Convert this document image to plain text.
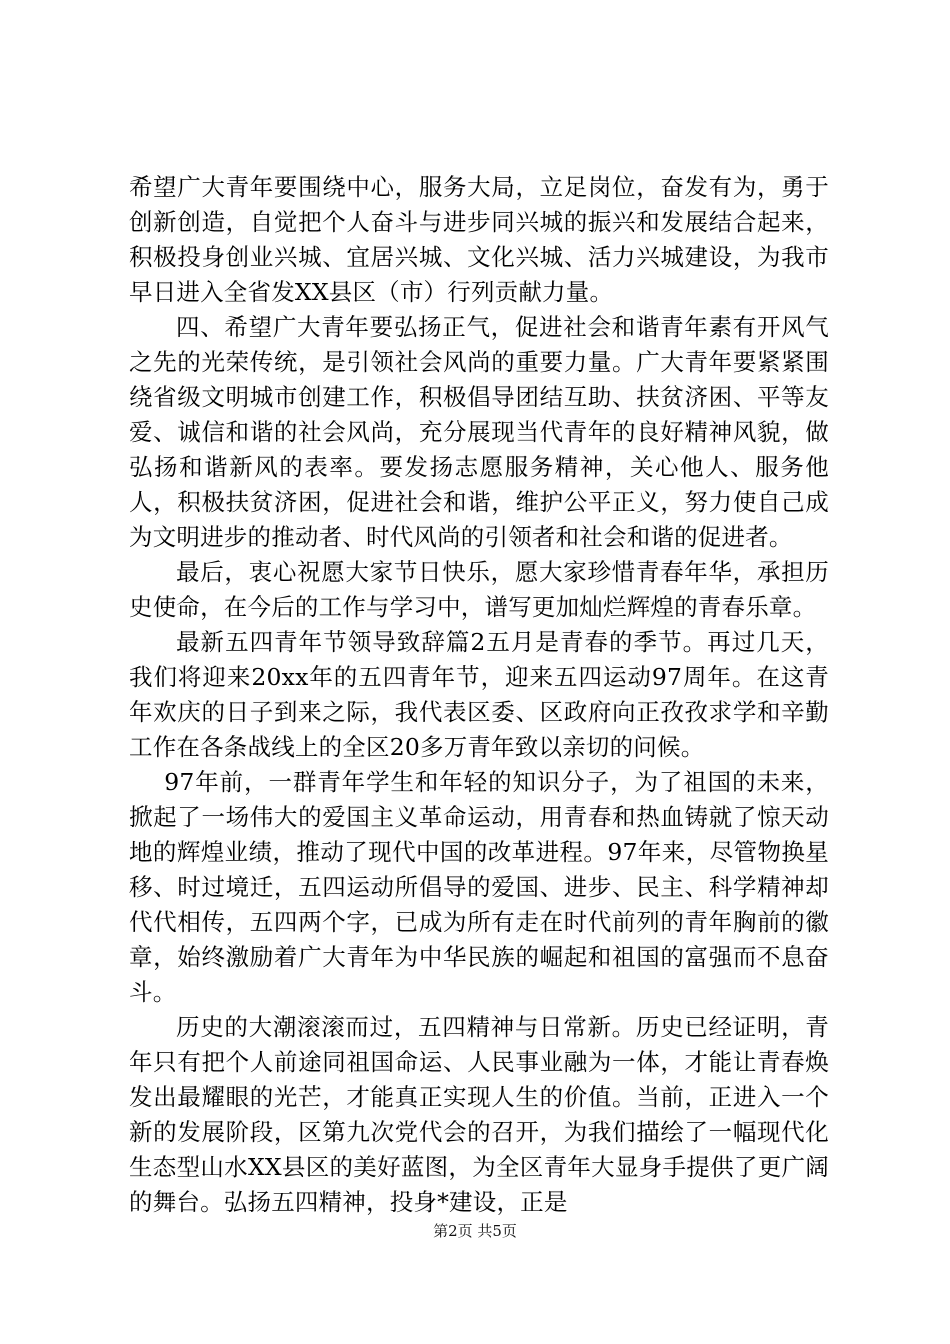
希望广大青年要围绕中心，服务大局，立足岗位，奋发有为，勇于创新创造，自觉把个人奋斗与进步同兴城的振兴和发展结合起来，积极投身创业兴城、宜居兴城、文化兴城、活力兴城建设，为我市早日进入全省发XX县区（市）行列贡献力量。

四、希望广大青年要弘扬正气，促进社会和谐青年素有开风气之先的光荣传统，是引领社会风尚的重要力量。广大青年要紧紧围绕省级文明城市创建工作，积极倡导团结互助、扶贫济困、平等友爱、诚信和谐的社会风尚，充分展现当代青年的良好精神风貌，做弘扬和谐新风的表率。要发扬志愿服务精神，关心他人、服务他人，积极扶贫济困，促进社会和谐，维护公平正义，努力使自己成为文明进步的推动者、时代风尚的引领者和社会和谐的促进者。

最后，衷心祝愿大家节日快乐，愿大家珍惜青春年华，承担历史使命，在今后的工作与学习中，谱写更加灿烂辉煌的青春乐章。

最新五四青年节领导致辞篇2五月是青春的季节。再过几天，我们将迎来20xx年的五四青年节，迎来五四运动97周年。在这青年欢庆的日子到来之际，我代表区委、区政府向正孜孜求学和辛勤工作在各条战线上的全区20多万青年致以亲切的问候。

97年前，一群青年学生和年轻的知识分子，为了祖国的未来，掀起了一场伟大的爱国主义革命运动，用青春和热血铸就了惊天动地的辉煌业绩，推动了现代中国的改革进程。97年来，尽管物换星移、时过境迁，五四运动所倡导的爱国、进步、民主、科学精神却代代相传，五四两个字，已成为所有走在时代前列的青年胸前的徽章，始终激励着广大青年为中华民族的崛起和祖国的富强而不息奋斗。

历史的大潮滚滚而过，五四精神与日常新。历史已经证明，青年只有把个人前途同祖国命运、人民事业融为一体，才能让青春焕发出最耀眼的光芒，才能真正实现人生的价值。当前，正进入一个新的发展阶段，区第九次党代会的召开，为我们描绘了一幅现代化生态型山水XX县区的美好蓝图，为全区青年大显身手提供了更广阔的舞台。弘扬五四精神，投身*建设，正是

第2页 共5页
